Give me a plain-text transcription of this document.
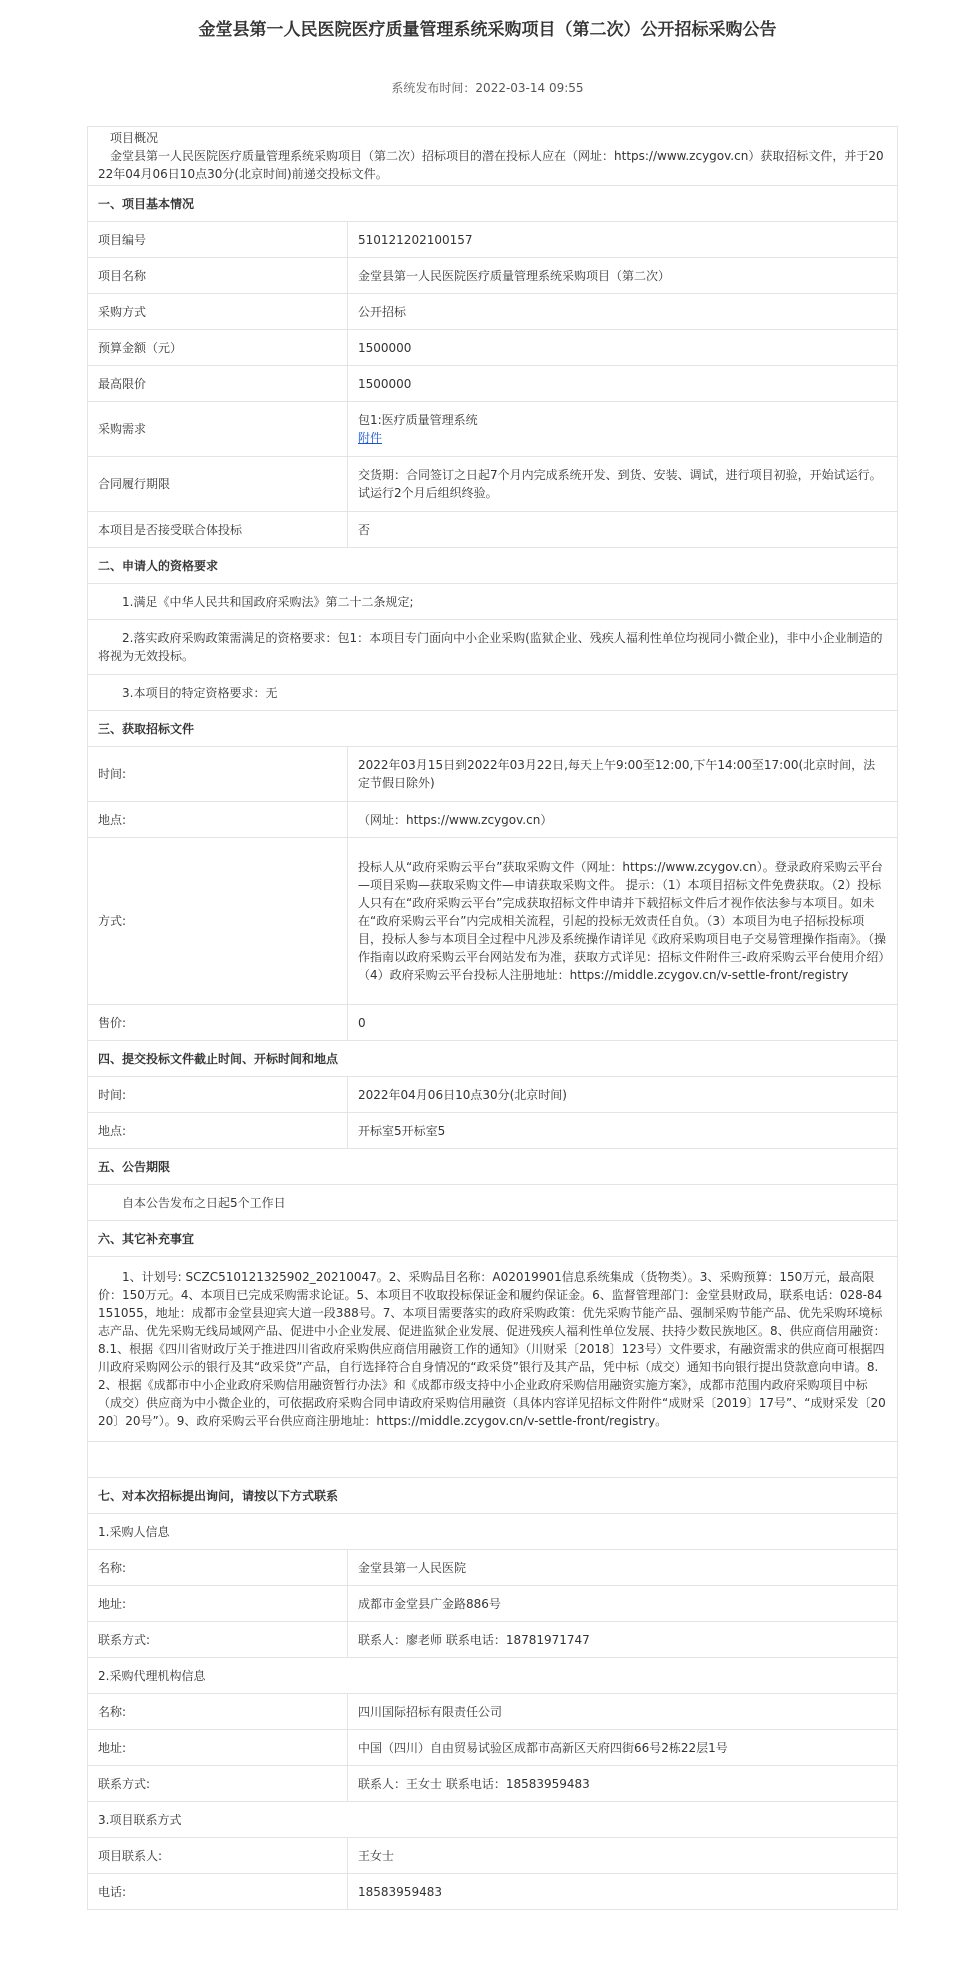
金堂县第一人民医院医疗质量管理系统采购项目（第二次）公开招标采购公告
系统发布时间：2022-03-14 09:55
项目概况
金堂县第一人民医院医疗质量管理系统采购项目（第二次）招标项目的潜在投标人应在（网址：https://www.zcygov.cn）获取招标文件，并于2022年04月06日10点30分(北京时间)前递交投标文件。	

一、项目基本情况	
项目编号	510121202100157
项目名称	金堂县第一人民医院医疗质量管理系统采购项目（第二次）
采购方式	公开招标
预算金额（元）	1500000
最高限价	1500000
采购需求	包1:医疗质量管理系统
附件
合同履行期限	交货期：合同签订之日起7个月内完成系统开发、到货、安装、调试，进行项目初验，开始试运行。试运行2个月后组织终验。
本项目是否接受联合体投标	否
二、申请人的资格要求	
1.满足《中华人民共和国政府采购法》第二十二条规定;	
2.落实政府采购政策需满足的资格要求：包1：本项目专门面向中小企业采购(监狱企业、残疾人福利性单位均视同小微企业)，非中小企业制造的将视为无效投标。	
3.本项目的特定资格要求：无	
三、获取招标文件	
时间:	2022年03月15日到2022年03月22日,每天上午9:00至12:00,下午14:00至17:00(北京时间，法定节假日除外)
地点:	（网址：https://www.zcygov.cn）
方式:	投标人从“政府采购云平台”获取采购文件（网址：https://www.zcygov.cn）。登录政府采购云平台—项目采购—获取采购文件—申请获取采购文件。 提示：（1）本项目招标文件免费获取。（2）投标人只有在“政府采购云平台”完成获取招标文件申请并下载招标文件后才视作依法参与本项目。如未在“政府采购云平台”内完成相关流程，引起的投标无效责任自负。（3）本项目为电子招标投标项目，投标人参与本项目全过程中凡涉及系统操作请详见《政府采购项目电子交易管理操作指南》。（操作指南以政府采购云平台网站发布为准，获取方式详见：招标文件附件三-政府采购云平台使用介绍）（4）政府采购云平台投标人注册地址：https://middle.zcygov.cn/v-settle-front/registry
售价:	0
四、提交投标文件截止时间、开标时间和地点	
时间:	2022年04月06日10点30分(北京时间)
地点:	开标室5开标室5
五、公告期限	
自本公告发布之日起5个工作日	
六、其它补充事宜	
1、计划号: SCZC510121325902_20210047。2、采购品目名称：A02019901信息系统集成（货物类）。3、采购预算：150万元，最高限价：150万元。4、本项目已完成采购需求论证。5、本项目不收取投标保证金和履约保证金。6、监督管理部门：金堂县财政局，联系电话：028-84151055，地址：成都市金堂县迎宾大道一段388号。7、本项目需要落实的政府采购政策：优先采购节能产品、强制采购节能产品、优先采购环境标志产品、优先采购无线局域网产品、促进中小企业发展、促进监狱企业发展、促进残疾人福利性单位发展、扶持少数民族地区。8、供应商信用融资：8.1、根据《四川省财政厅关于推进四川省政府采购供应商信用融资工作的通知》（川财采〔2018〕123号）文件要求，有融资需求的供应商可根据四川政府采购网公示的银行及其“政采贷”产品，自行选择符合自身情况的“政采贷”银行及其产品，凭中标（成交）通知书向银行提出贷款意向申请。8.2、根据《成都市中小企业政府采购信用融资暂行办法》和《成都市级支持中小企业政府采购信用融资实施方案》，成都市范围内政府采购项目中标（成交）供应商为中小微企业的，可依据政府采购合同申请政府采购信用融资（具体内容详见招标文件附件“成财采〔2019〕17号”、“成财采发〔2020〕20号”）。9、政府采购云平台供应商注册地址：https://middle.zcygov.cn/v-settle-front/registry。	

七、对本次招标提出询问，请按以下方式联系	
1.采购人信息	
名称:	金堂县第一人民医院
地址:	成都市金堂县广金路886号
联系方式:	联系人：廖老师 联系电话：18781971747
2.采购代理机构信息	
名称:	四川国际招标有限责任公司
地址:	中国（四川）自由贸易试验区成都市高新区天府四街66号2栋22层1号
联系方式:	联系人：王女士 联系电话：18583959483
3.项目联系方式	
项目联系人:	王女士
电话:	18583959483
